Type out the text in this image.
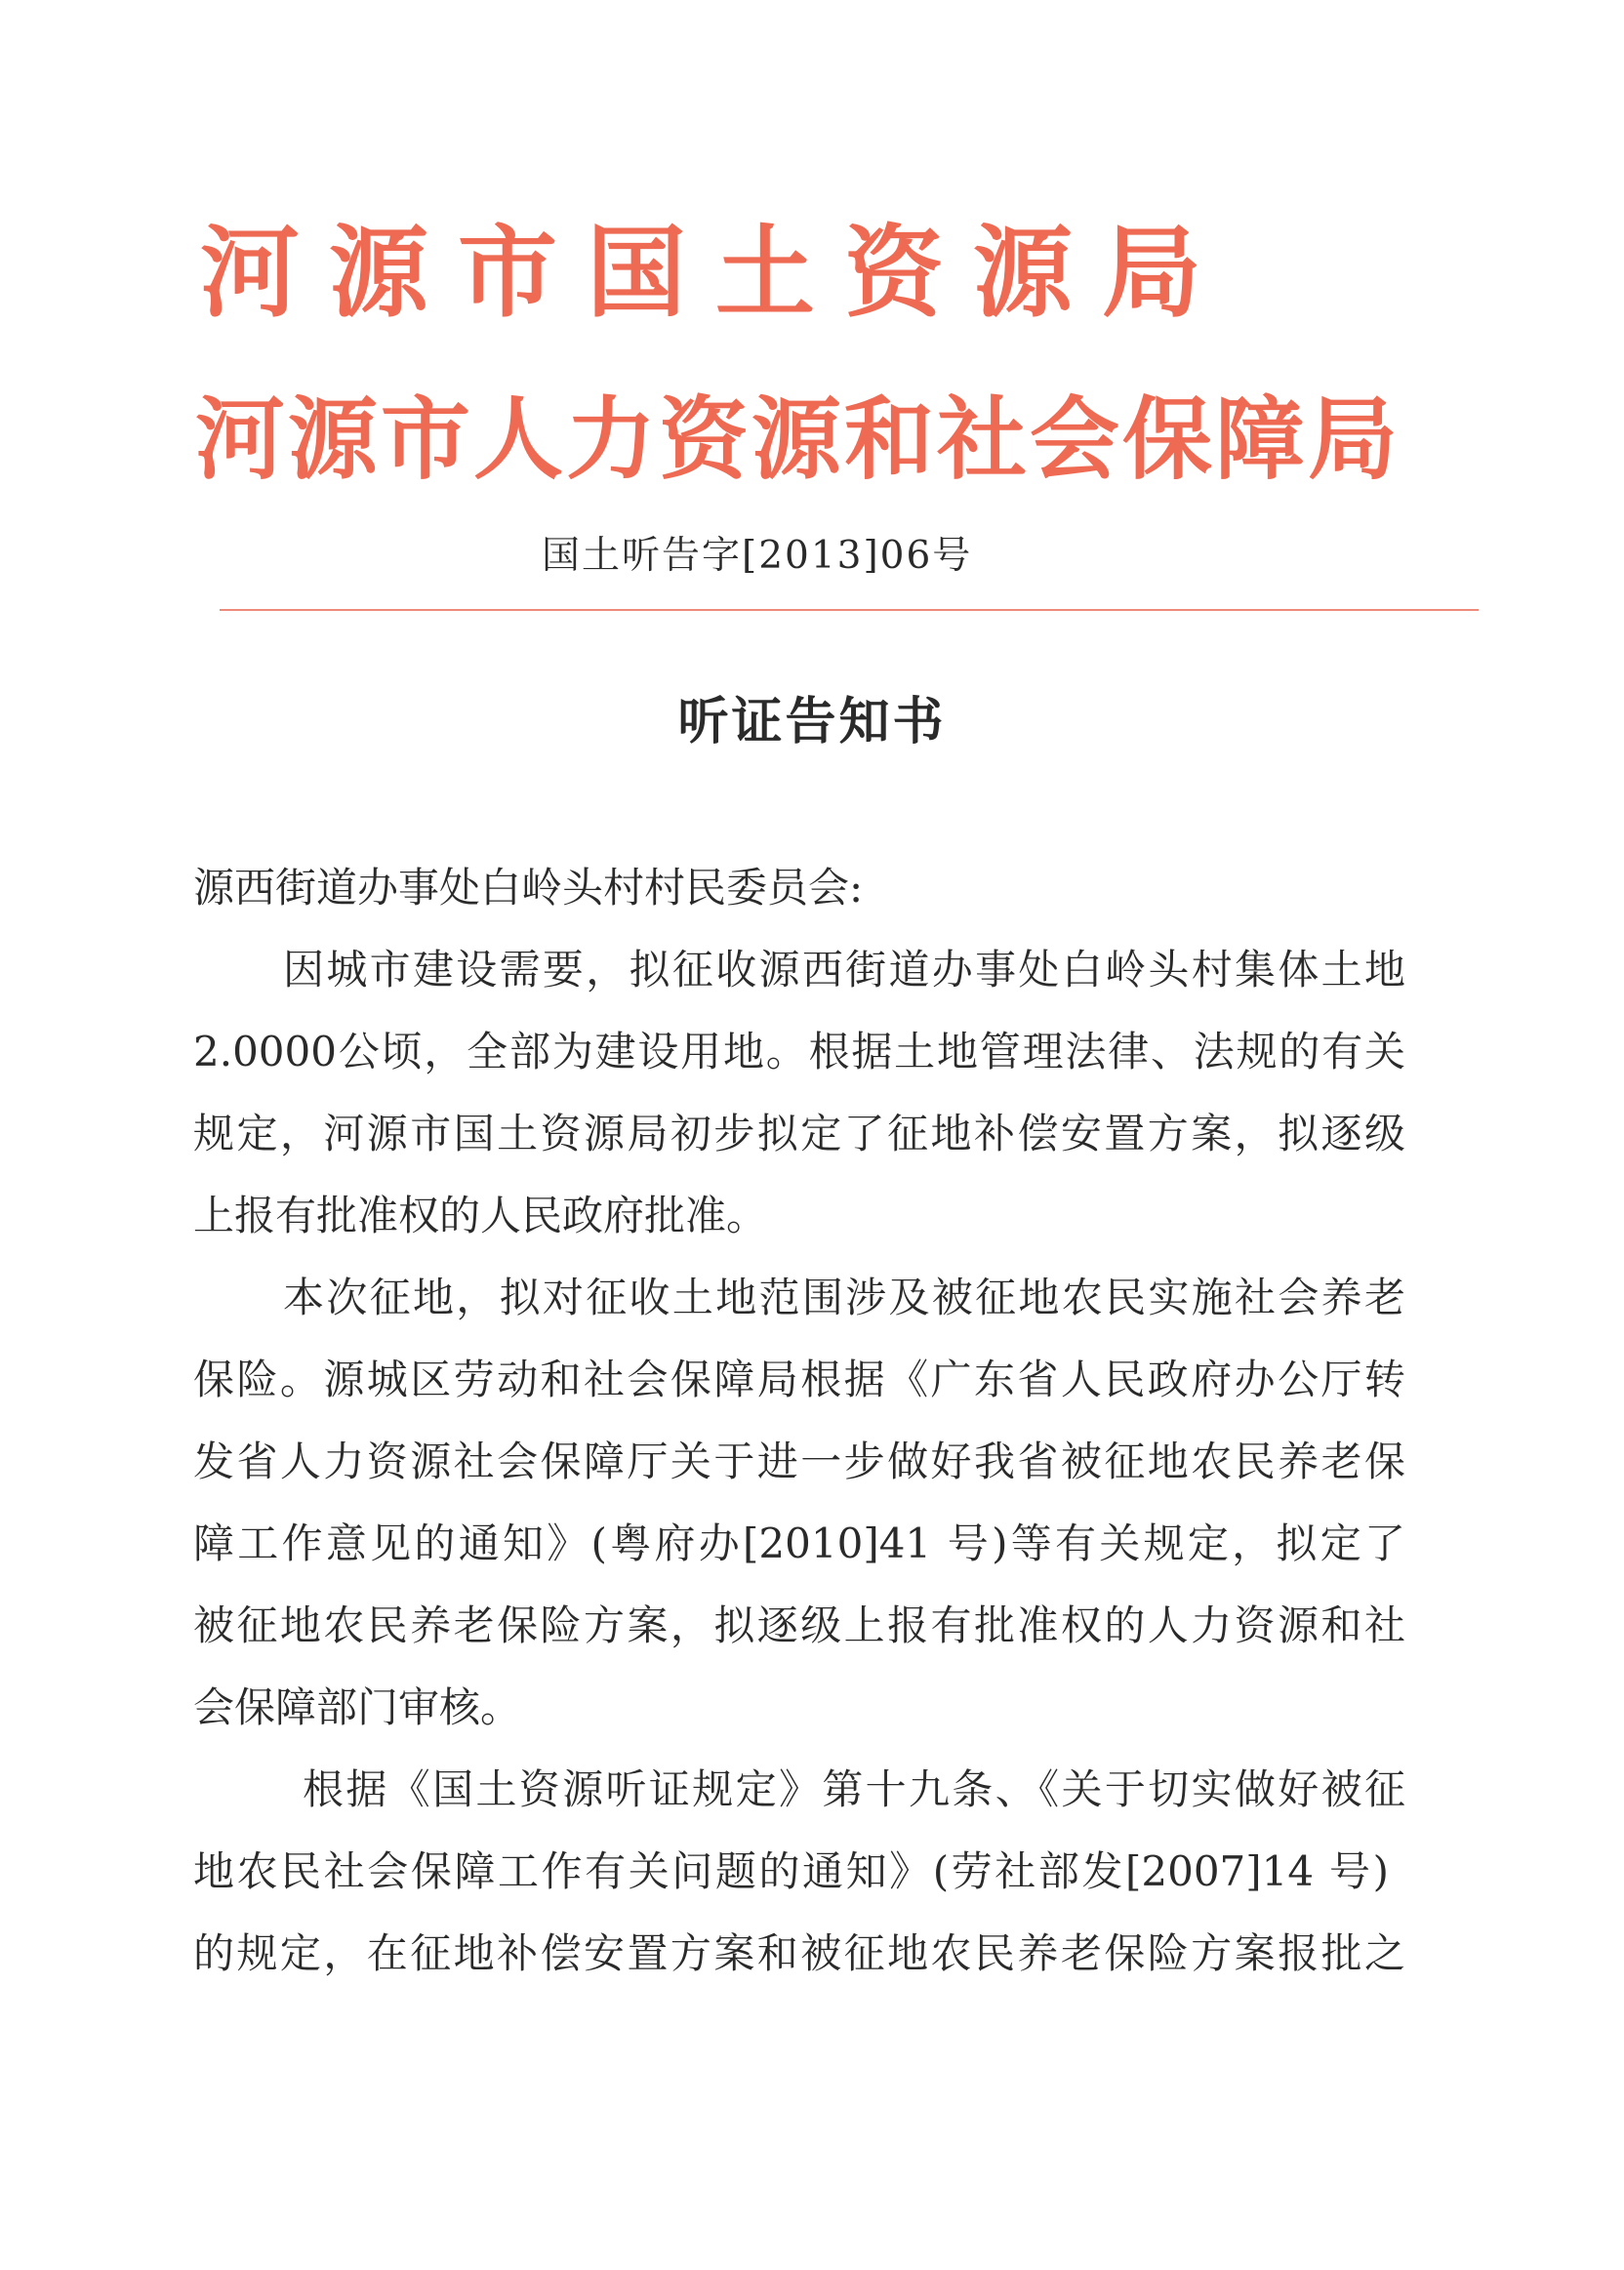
河源市国土资源局
河源市人力资源和社会保障局
国土听告字[2013]06号
听证告知书
源西街道办事处白岭头村村民委员会:
因城市建设需要，拟征收源西街道办事处白岭头村集体土地
2.0000公顷，全部为建设用地。根据土地管理法律、法规的有关
规定，河源市国土资源局初步拟定了征地补偿安置方案，拟逐级
上报有批准权的人民政府批准。
本次征地，拟对征收土地范围涉及被征地农民实施社会养老
保险。源城区劳动和社会保障局根据《广东省人民政府办公厅转
发省人力资源社会保障厅关于进一步做好我省被征地农民养老保
障工作意见的通知》(粤府办[2010]41 号)等有关规定，拟定了
被征地农民养老保险方案，拟逐级上报有批准权的人力资源和社
会保障部门审核。
根据《国土资源听证规定》第十九条、《关于切实做好被征
地农民社会保障工作有关问题的通知》(劳社部发[2007]14 号)
的规定，在征地补偿安置方案和被征地农民养老保险方案报批之
